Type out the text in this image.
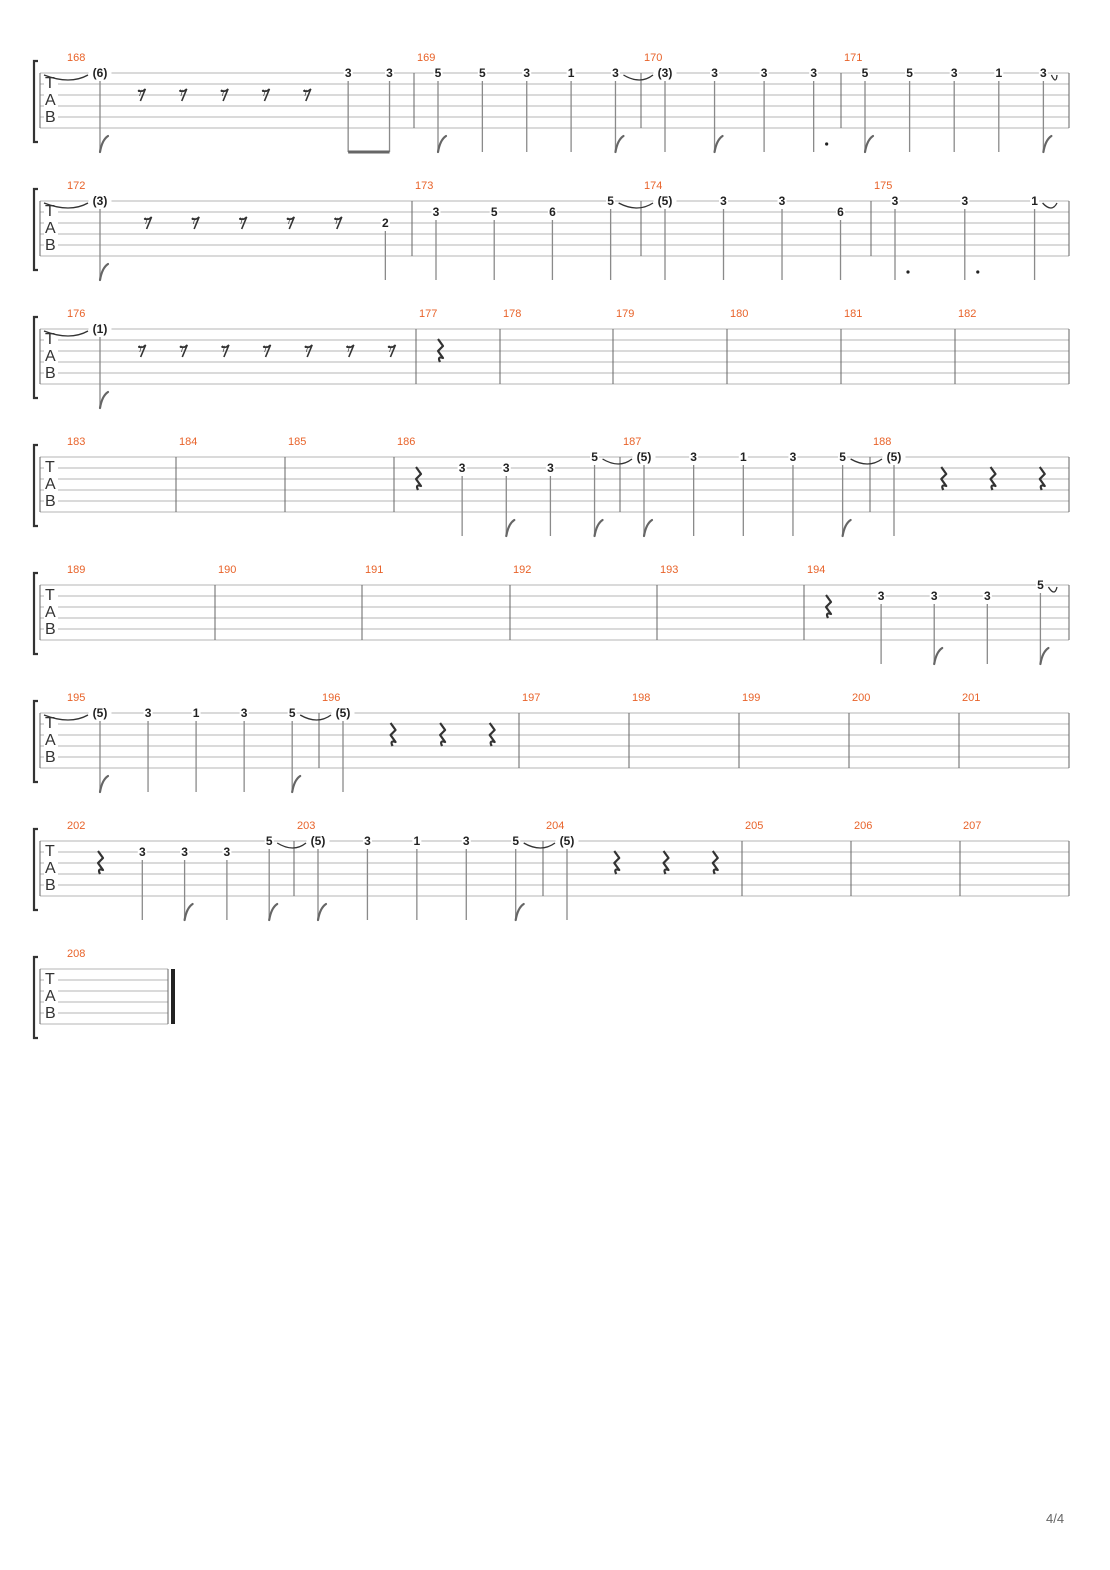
T
A
B
168
(6)
𝄾 𝄾 𝄾 𝄾 𝄾
3	3
169
5	5	3	1	3
170
(3)	3	3	3
171
5	5	3	1	3
T
A
B
172
(3)
𝄾 𝄾 𝄾 𝄾 𝄾	2
173
3	5	6
5
174
(5)	3	3
6
175
3	3	1
T
A
B
176
(1)
𝄾 𝄾 𝄾 𝄾 𝄾 𝄾 𝄾
177	178	179	180	181	182
T
A
B
183	184	185	186
3	3	3
5
187
(5)	3	1	3	5
188
(5)
T
A
B
189	190	191	192	193	194
3	3	3
5
T
A
B
195
(5)	3	1	3	5
196
(5)
197	198	199	200	201
T
A
B
202
3	3	3
5
203
(5)	3	1	3	5
204
(5)
205	206	207
T
A
B
208
4/4
